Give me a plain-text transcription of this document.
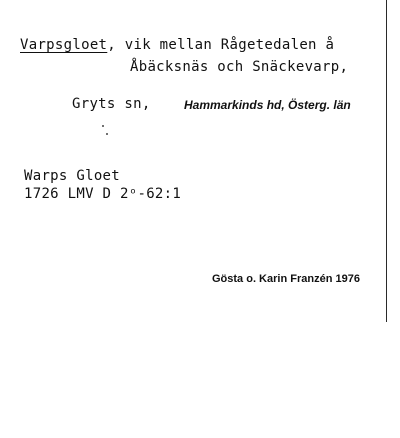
Varpsgloet, vik mellan Rågetedalen å
Åbäcksnäs och Snäckevarp,
Gryts sn,	Hammarkinds hd, Österg. län
Warps Gloet
1726 LMV D 2ᵒ-62:1
Gösta o. Karin Franzén 1976
